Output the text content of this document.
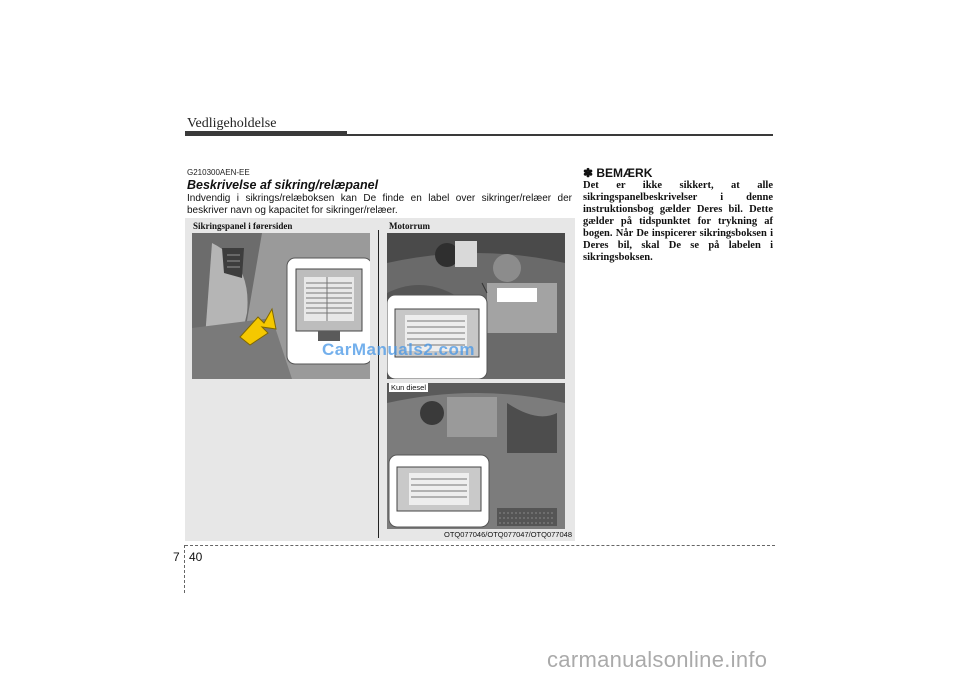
Vedligeholdelse
G210300AEN-EE
Beskrivelse af sikring/relæpanel

Indvendig i sikrings/relæboksen kan De finde en label over sikringer/relæer der beskriver navn og kapacitet for sikringer/relæer.

Sikringspanel i førersiden	Motorrum
Kun diesel
OTQ077046/OTQ077047/OTQ077048
✽ BEMÆRK

Det er ikke sikkert, at alle sikringspanelbeskrivelser i denne instruktionsbog gælder Deres bil. Dette gælder på tidspunktet for trykning af bogen. Når De inspicerer sikringsboksen i Deres bil, skal De se på labelen i sikringsboksen.

CarManuals2.com
7 40
carmanualsonline.info
